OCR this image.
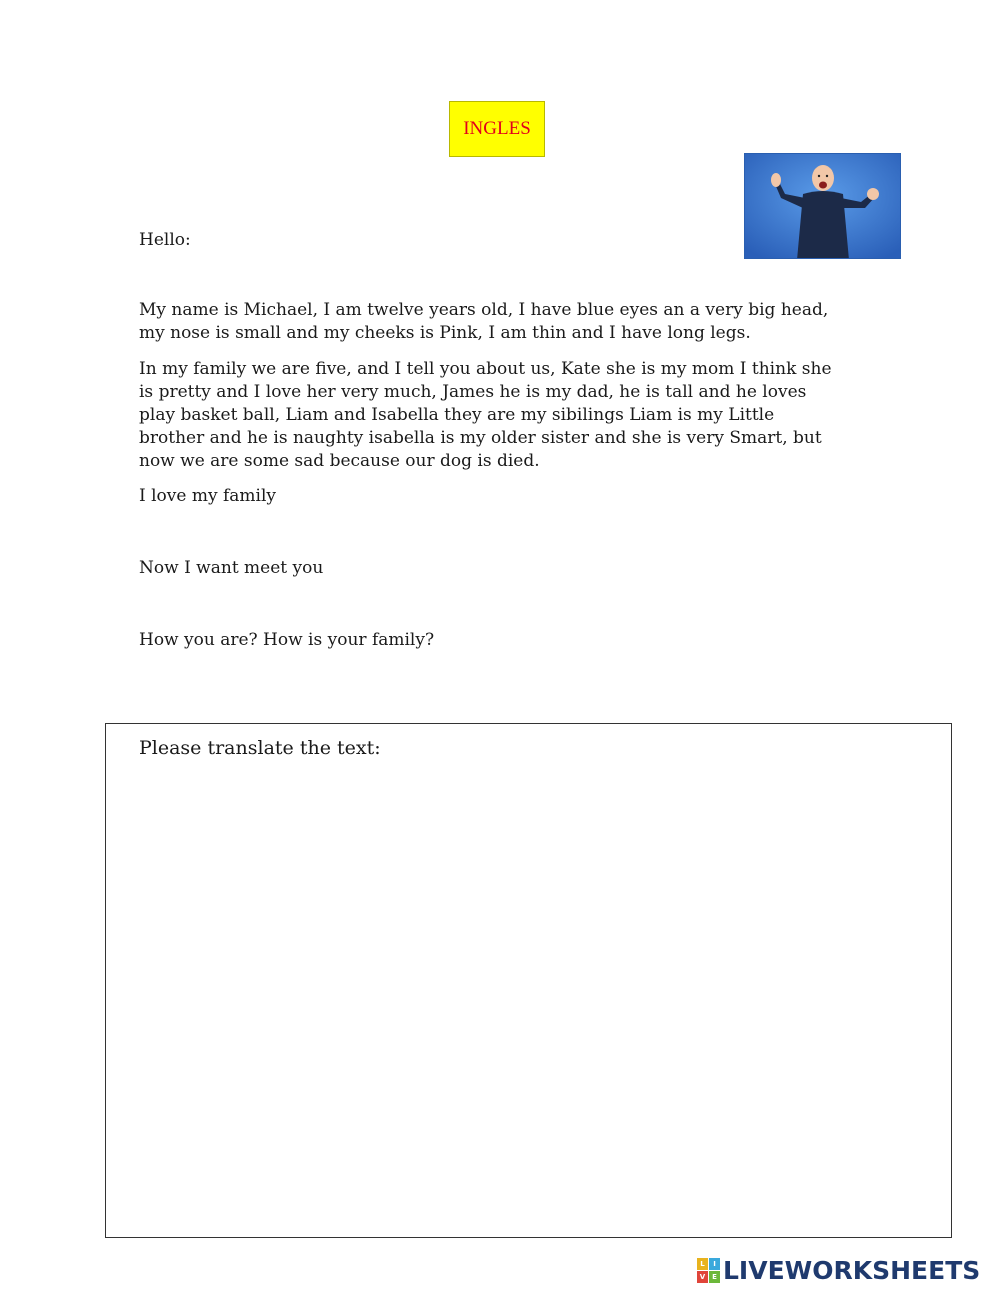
INGLES

Hello:

My name is Michael, I am twelve years old, I have blue eyes an a very big head,
my nose is small and my cheeks is Pink, I am thin and I have long legs.

In my family we are five, and I tell you about us, Kate she is my mom I think she
is pretty and I love her very much, James he is my dad, he is tall and he loves
play basket ball, Liam and Isabella they are my sibilings Liam is my Little
brother and he is naughty isabella is my older sister and she is very Smart, but
now we are some sad because our dog is died.

I love my family

Now I want meet you

How you are? How is your family?

Please translate the text:
L	I
V E LIVEWORKSHEETS
